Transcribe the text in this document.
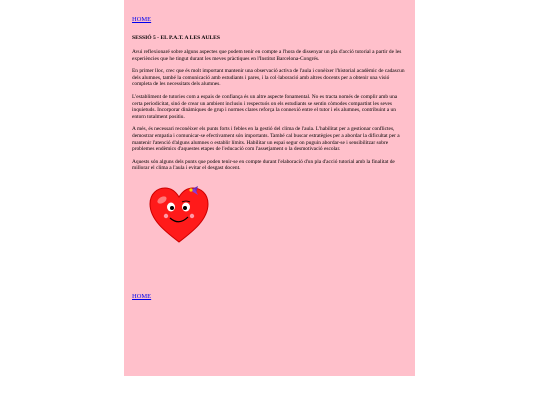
HOME
SESSIÓ 5 - EL P.A.T. A LES AULES

Avui reflexionaré sobre alguns aspectes que podem tenir en compte a l'hora de dissenyar un pla d'acció tutorial a partir de les experiències que he tingut durant les meves pràctiques en l'Institut Barcelona-Congrés.

En primer lloc, crec que és molt important mantenir una observació activa de l'aula i conèixer l'historial acadèmic de cadascun dels alumnes, també la comunicació amb estudiants i pares, i la col·laboració amb altres docents per a obtenir una visió completa de les necessitats dels alumnes.

L'establiment de tutories com a espais de confiança és un altre aspecte fonamental. No es tracta només de complir amb una certa periodicitat, sinó de crear un ambient inclusiu i respectuós on els estudiants se sentin còmodes compartint les seves inquietuds. Incorporar dinàmiques de grup i normes clares reforça la connexió entre el tutor i els alumnes, contribuint a un entorn totalment positiu.

A més, és necessari reconèixer els punts forts i febles en la gestió del clima de l'aula. L'habilitat per a gestionar conflictes, demostrar empatia i comunicar-se efectivament són importants. També cal buscar estratègies per a abordar la dificultat per a mantenir l'atenció d'alguns alumnes o establir límits. Habilitar un espai segur on puguin abordar-se i sensibilitzar sobre problemes endèmics d'aquestes etapes de l'educació com l'assetjament o la desmotivació escolar.

Aquests són alguns dels punts que poden tenir-se en compte durant l'elaboració d'un pla d'acció tutorial amb la finalitat de millorar el clima a l'aula i evitar el desgast docent.

HOME
